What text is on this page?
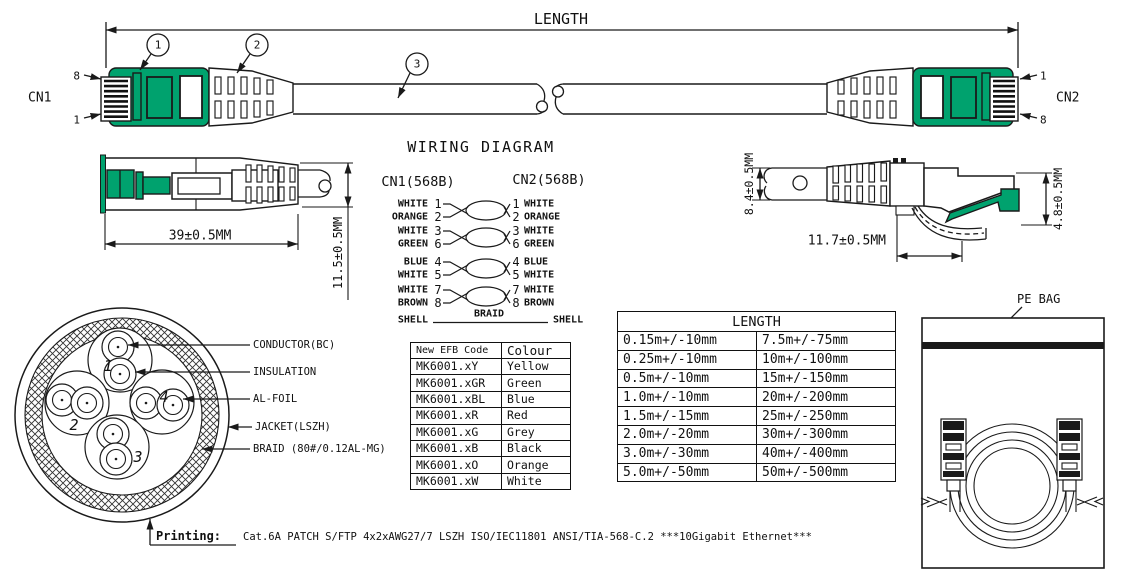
LENGTH
1	2
3
CN1	CN2
8
1
1
8
39±0.5MM	11.5±0.5MM
WIRING DIAGRAM
CN1(568B)	CN2(568B)
WHITE 1	1 WHITE
ORANGE 2	2 ORANGE
WHITE 3	3 WHITE
GREEN 6	6 GREEN
BLUE 4	4 BLUE
WHITE 5	5 WHITE
WHITE 7	7 WHITE
BROWN 8	8 BROWN
SHELL
BRAID
SHELL
8.4±0.5MM
11.7±0.5MM
4.8±0.5MM
1
2
3
4
CONDUCTOR(BC)
INSULATION
AL-FOIL
JACKET(LSZH)
BRAID (80#/0.12AL-MG)
Printing: Cat.6A PATCH S/FTP 4x2xAWG27/7 LSZH ISO/IEC11801 ANSI/TIA-568-C.2 ***10Gigabit Ethernet***
PE BAG
New EFB Code	Colour
MK6001.xY	Yellow
MK6001.xGR	Green
MK6001.xBL	Blue
MK6001.xR	Red
MK6001.xG	Grey
MK6001.xB	Black
MK6001.xO	Orange
MK6001.xW	White
LENGTH	
0.15m+/-10mm	7.5m+/-75mm
0.25m+/-10mm	10m+/-100mm
0.5m+/-10mm	15m+/-150mm
1.0m+/-10mm	20m+/-200mm
1.5m+/-15mm	25m+/-250mm
2.0m+/-20mm	30m+/-300mm
3.0m+/-30mm	40m+/-400mm
5.0m+/-50mm	50m+/-500mm
